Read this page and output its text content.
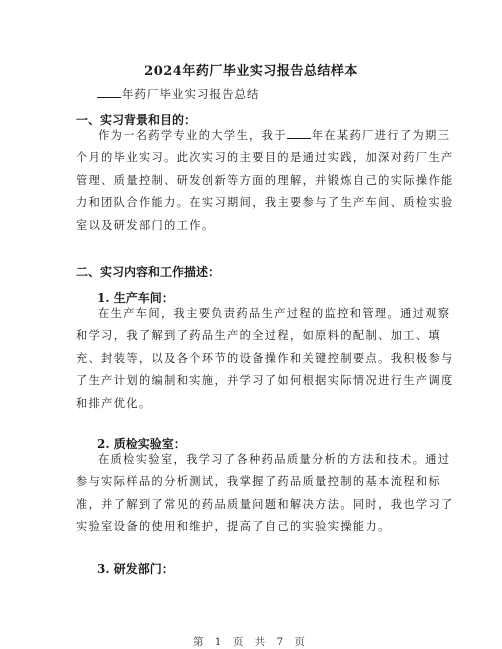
2024年药厂毕业实习报告总结样本
年药厂毕业实习报告总结
一、实习背景和目的：
作为一名药学专业的大学生，我于 年在某药厂进行了为期三
个月的毕业实习。此次实习的主要目的是通过实践，加深对药厂生产
管理、质量控制、研发创新等方面的理解，并锻炼自己的实际操作能
力和团队合作能力。在实习期间，我主要参与了生产车间、质检实验
室以及研发部门的工作。
二、实习内容和工作描述：
1. 生产车间：
在生产车间，我主要负责药品生产过程的监控和管理。通过观察
和学习，我了解到了药品生产的全过程，如原料的配制、加工、填
充、封装等，以及各个环节的设备操作和关键控制要点。我积极参与
了生产计划的编制和实施，并学习了如何根据实际情况进行生产调度
和排产优化。
2. 质检实验室：
在质检实验室，我学习了各种药品质量分析的方法和技术。通过
参与实际样品的分析测试，我掌握了药品质量控制的基本流程和标
准，并了解到了常见的药品质量问题和解决方法。同时，我也学习了
实验室设备的使用和维护，提高了自己的实验实操能力。
3. 研发部门：
第 1 页 共 7 页
